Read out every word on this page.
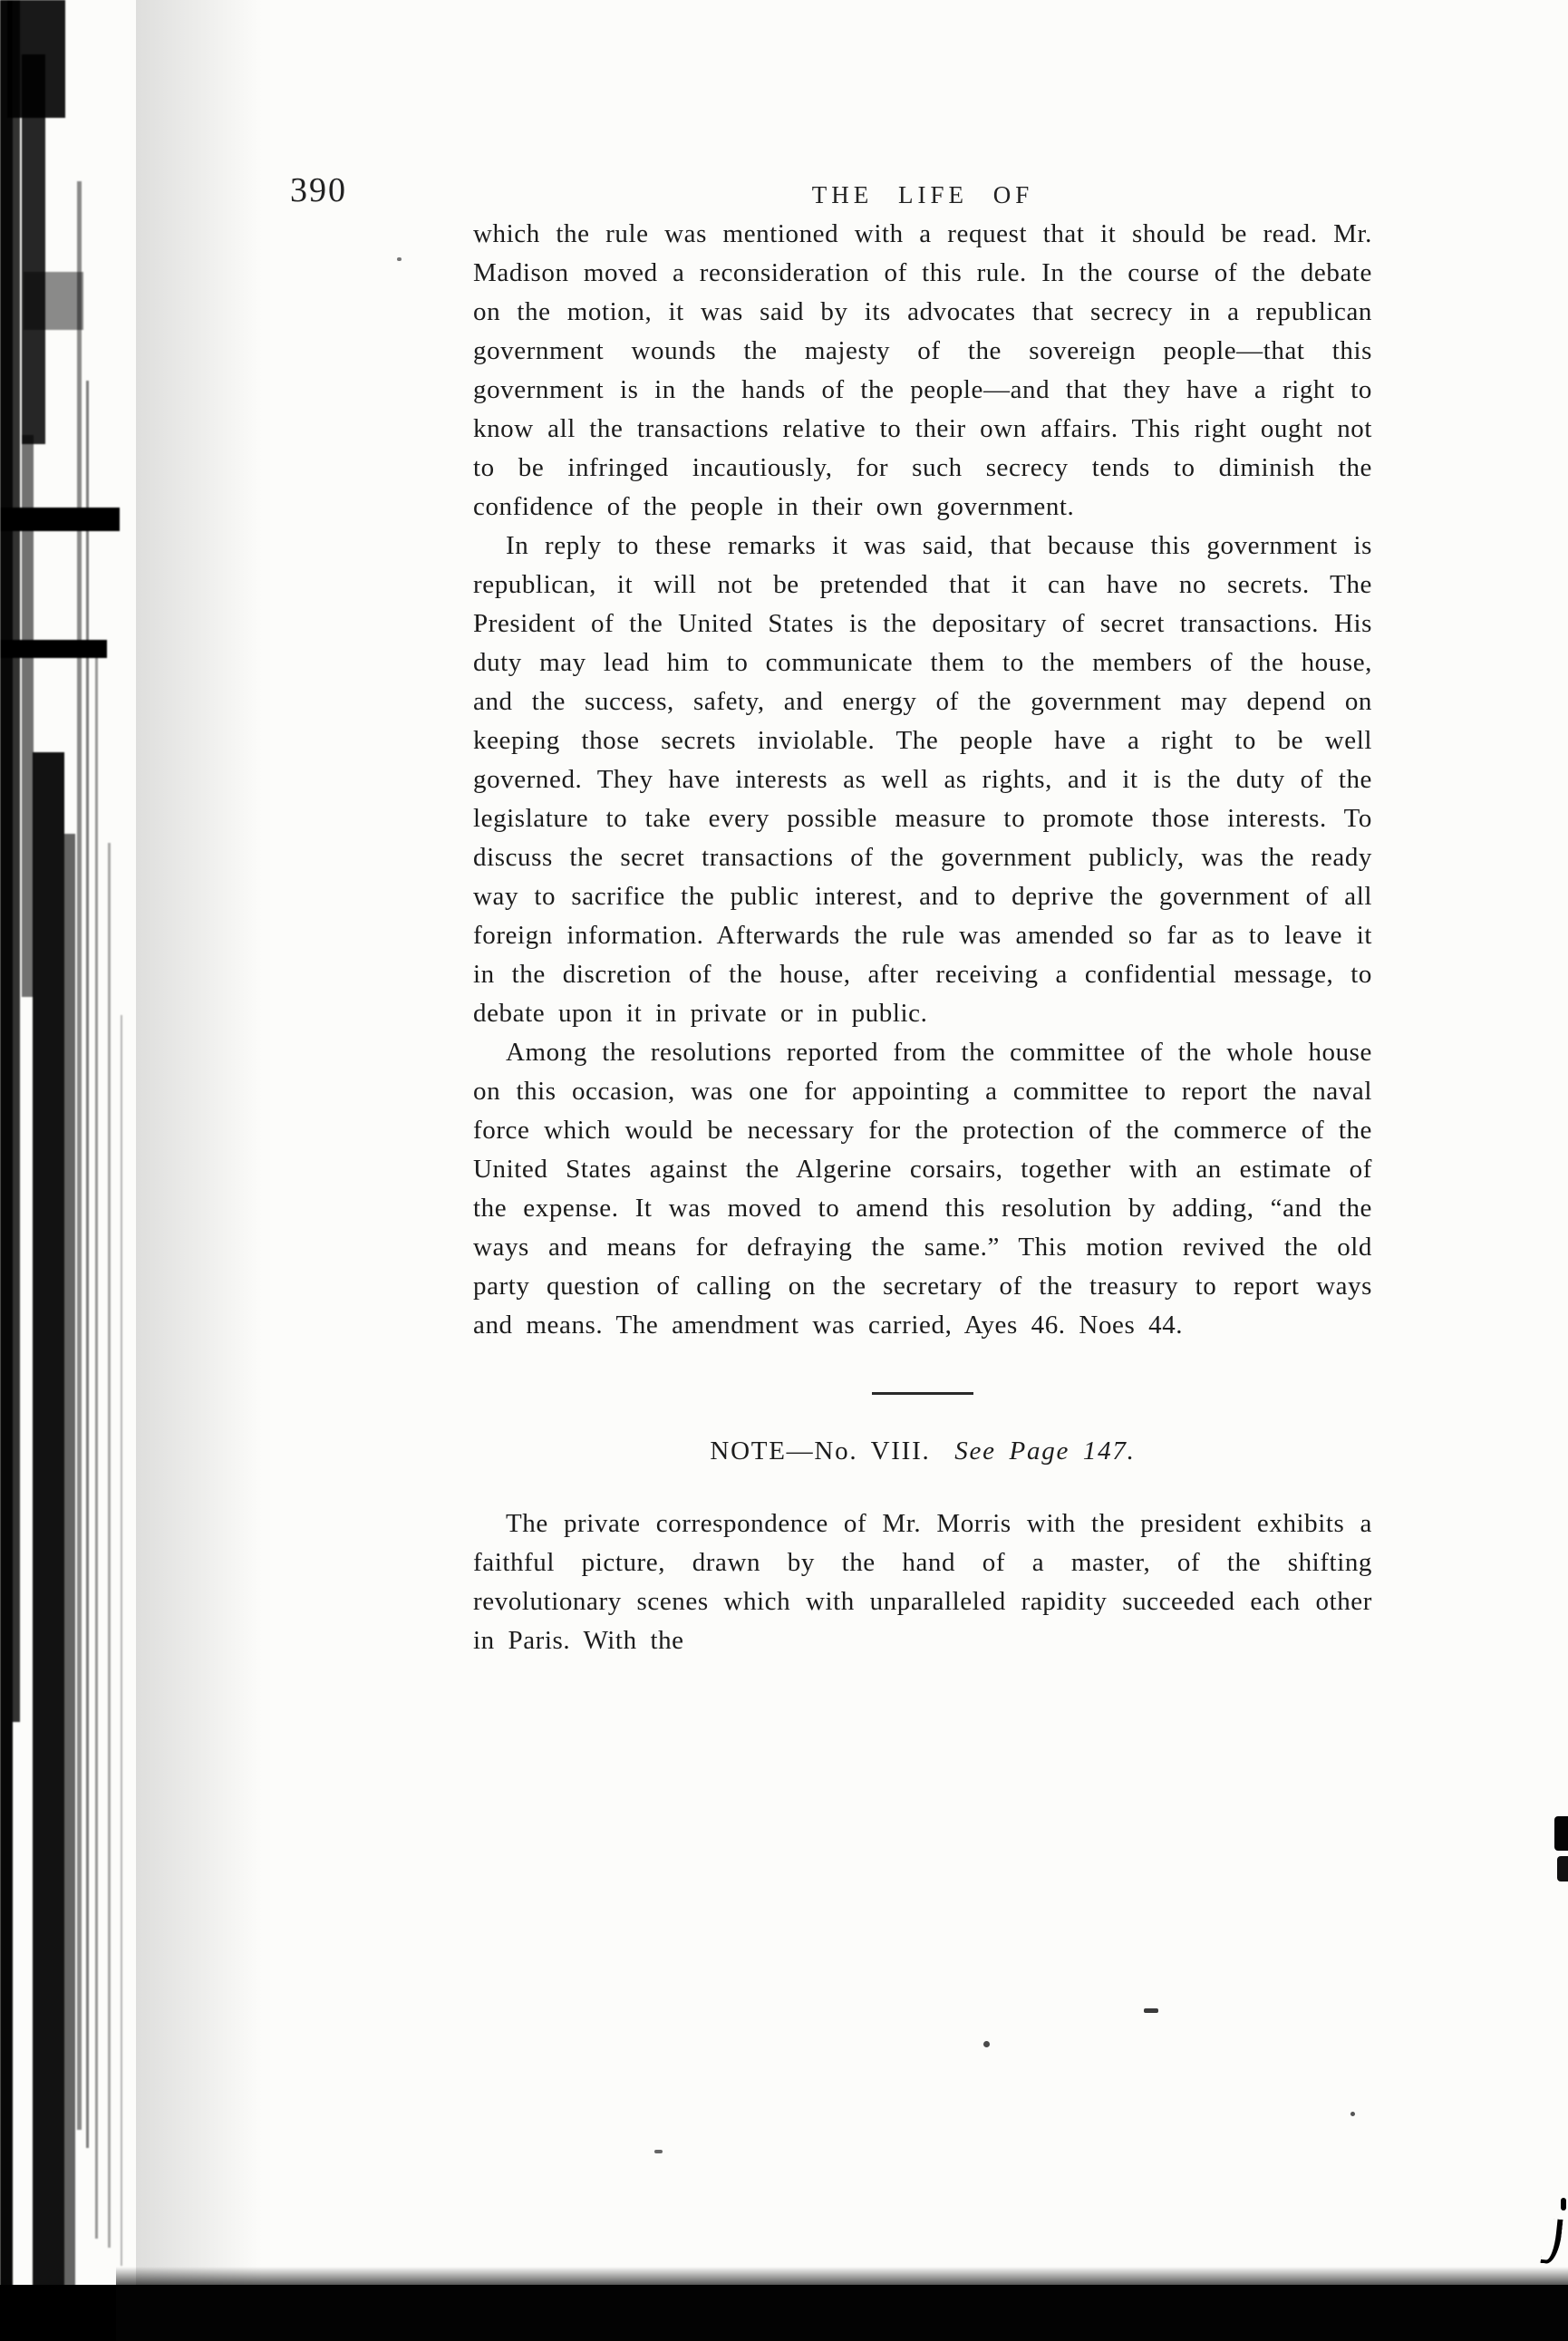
390	THE LIFE OF

which the rule was mentioned with a request that it should be read. Mr. Madison moved a reconsideration of this rule. In the course of the debate on the motion, it was said by its advocates that secrecy in a republican government wounds the majesty of the sovereign people—that this government is in the hands of the people—and that they have a right to know all the transactions relative to their own affairs. This right ought not to be infringed incautiously, for such secrecy tends to diminish the confidence of the people in their own government.

In reply to these remarks it was said, that because this government is republican, it will not be pretended that it can have no secrets. The President of the United States is the depositary of secret transactions. His duty may lead him to communicate them to the members of the house, and the success, safety, and energy of the government may depend on keeping those secrets inviolable. The people have a right to be well governed. They have interests as well as rights, and it is the duty of the legislature to take every possible measure to promote those interests. To discuss the secret transactions of the government publicly, was the ready way to sacrifice the public interest, and to deprive the government of all foreign information. Afterwards the rule was amended so far as to leave it in the discretion of the house, after receiving a confidential message, to debate upon it in private or in public.

Among the resolutions reported from the committee of the whole house on this occasion, was one for appointing a committee to report the naval force which would be necessary for the protection of the commerce of the United States against the Algerine corsairs, together with an estimate of the expense. It was moved to amend this resolution by adding, “and the ways and means for defraying the same.” This motion revived the old party question of calling on the secretary of the treasury to report ways and means. The amendment was carried, Ayes 46. Noes 44.

NOTE—No. VIII. See Page 147.

The private correspondence of Mr. Morris with the president exhibits a faithful picture, drawn by the hand of a master, of the shifting revolutionary scenes which with unparalleled rapidity succeeded each other in Paris. With the
